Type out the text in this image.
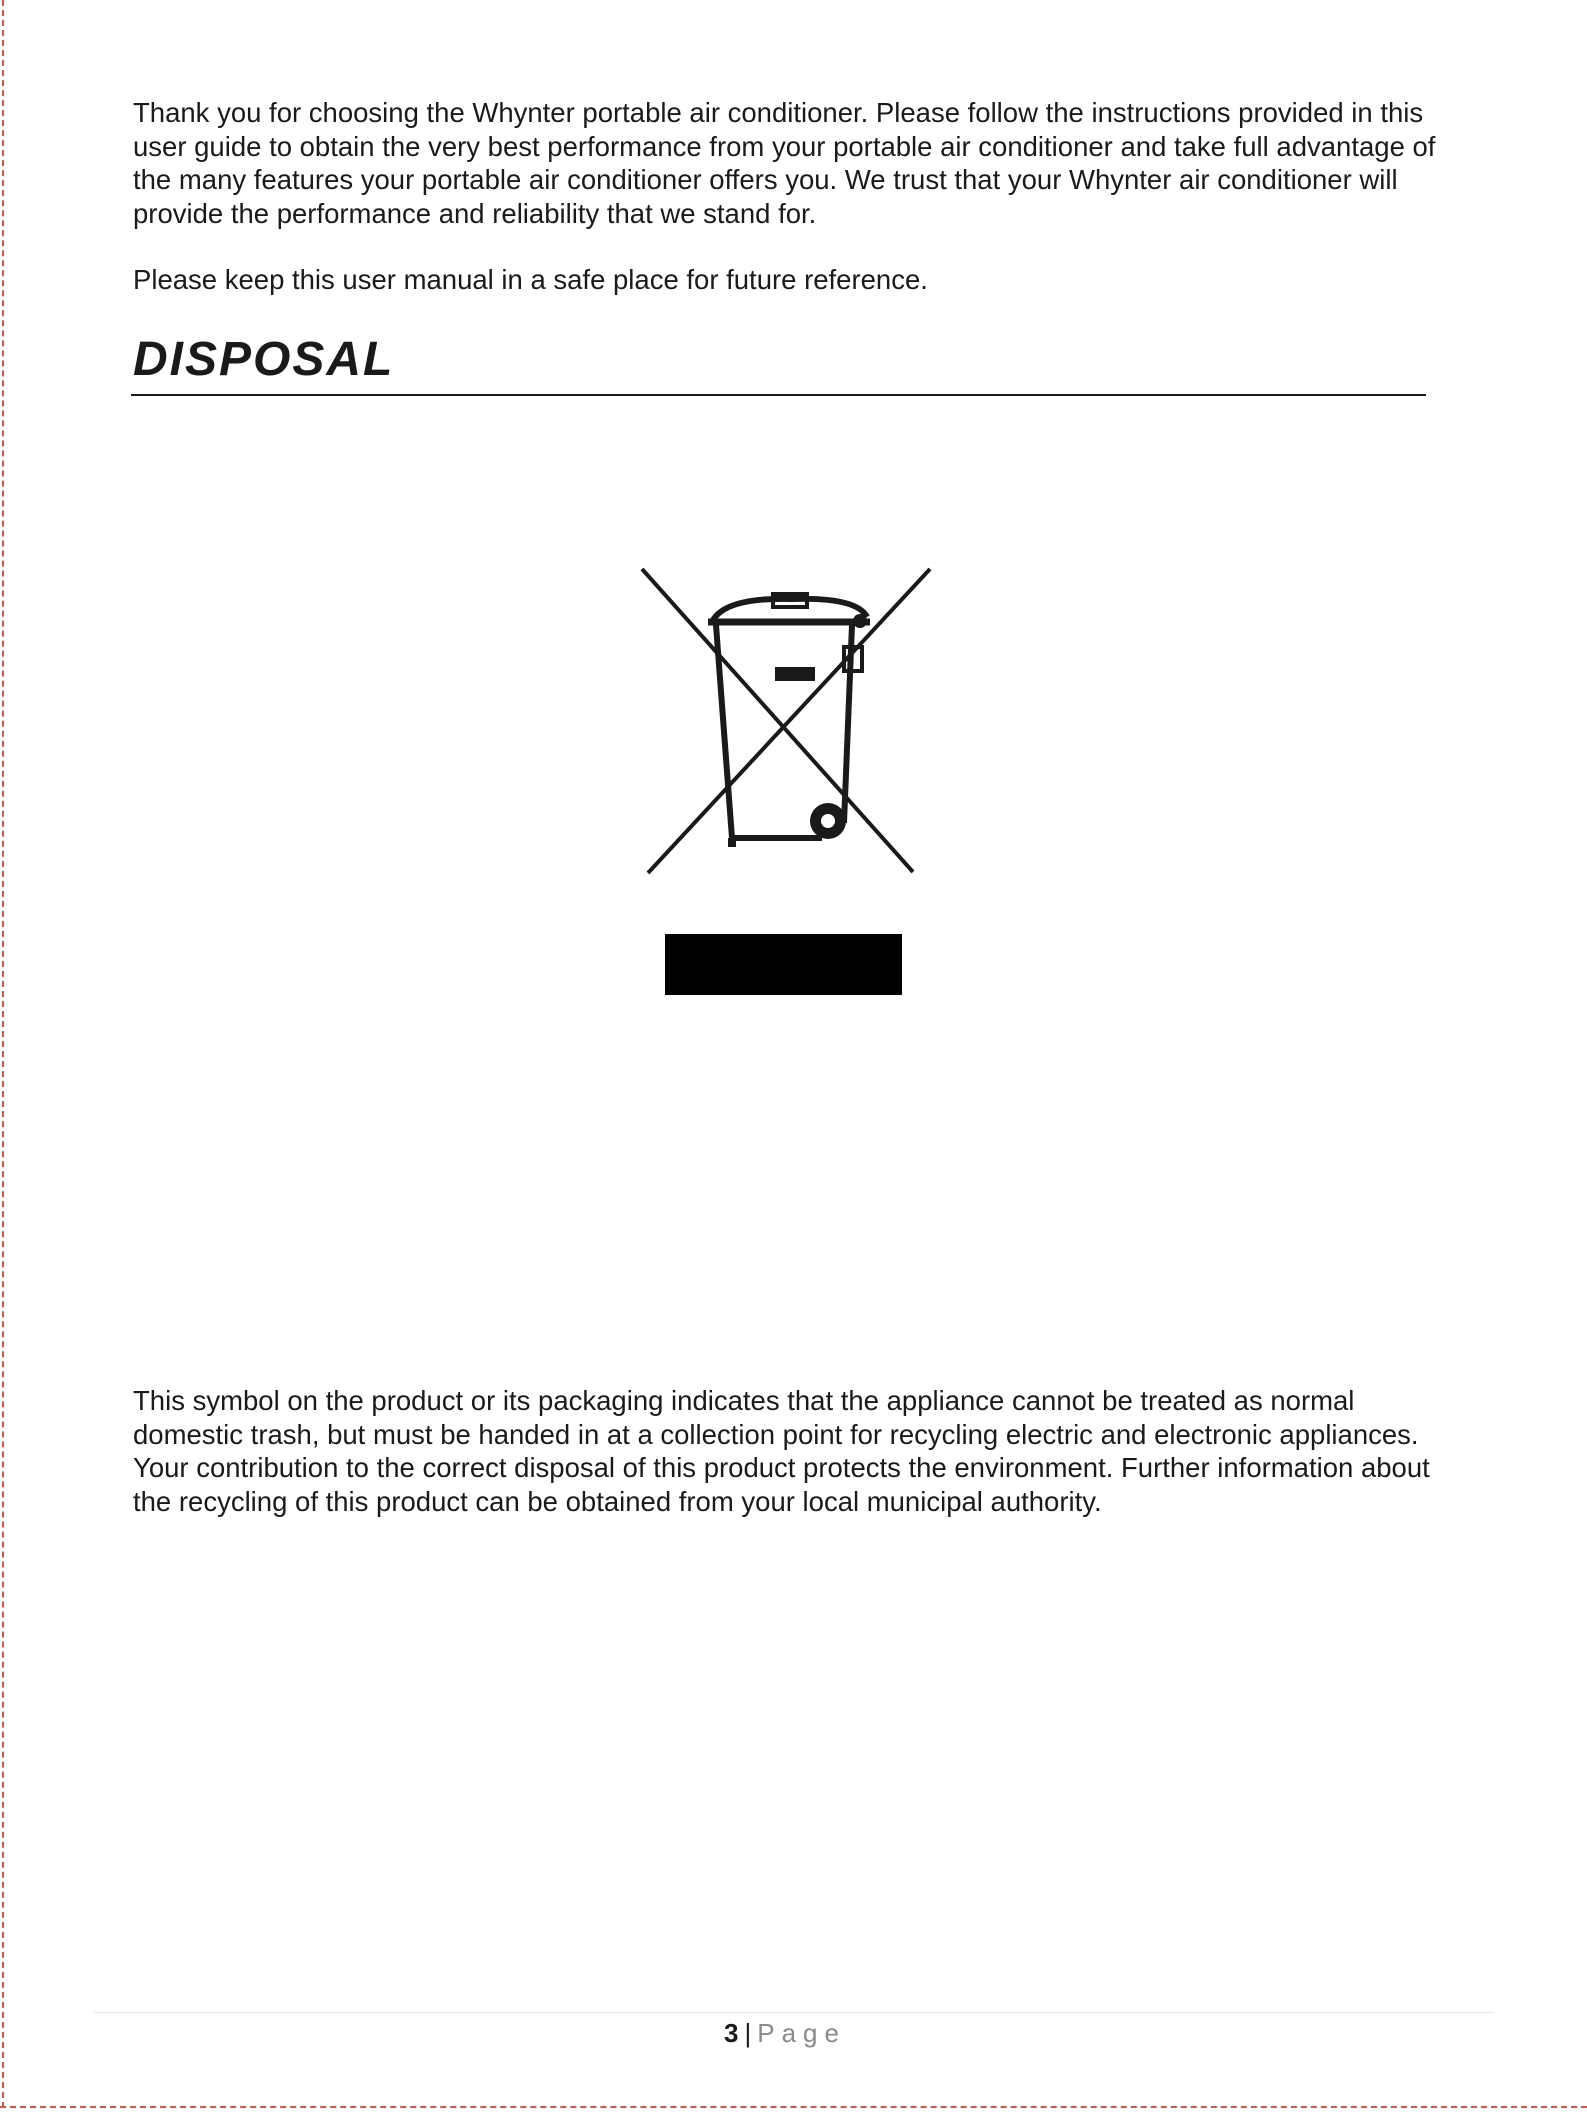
Thank you for choosing the Whynter portable air conditioner. Please follow the instructions provided in this user guide to obtain the very best performance from your portable air conditioner and take full advantage of the many features your portable air conditioner offers you. We trust that your Whynter air conditioner will provide the performance and reliability that we stand for.

Please keep this user manual in a safe place for future reference.

DISPOSAL

This symbol on the product or its packaging indicates that the appliance cannot be treated as normal domestic trash, but must be handed in at a collection point for recycling electric and electronic appliances. Your contribution to the correct disposal of this product protects the environment. Further information about the recycling of this product can be obtained from your local municipal authority.

3 | Page
